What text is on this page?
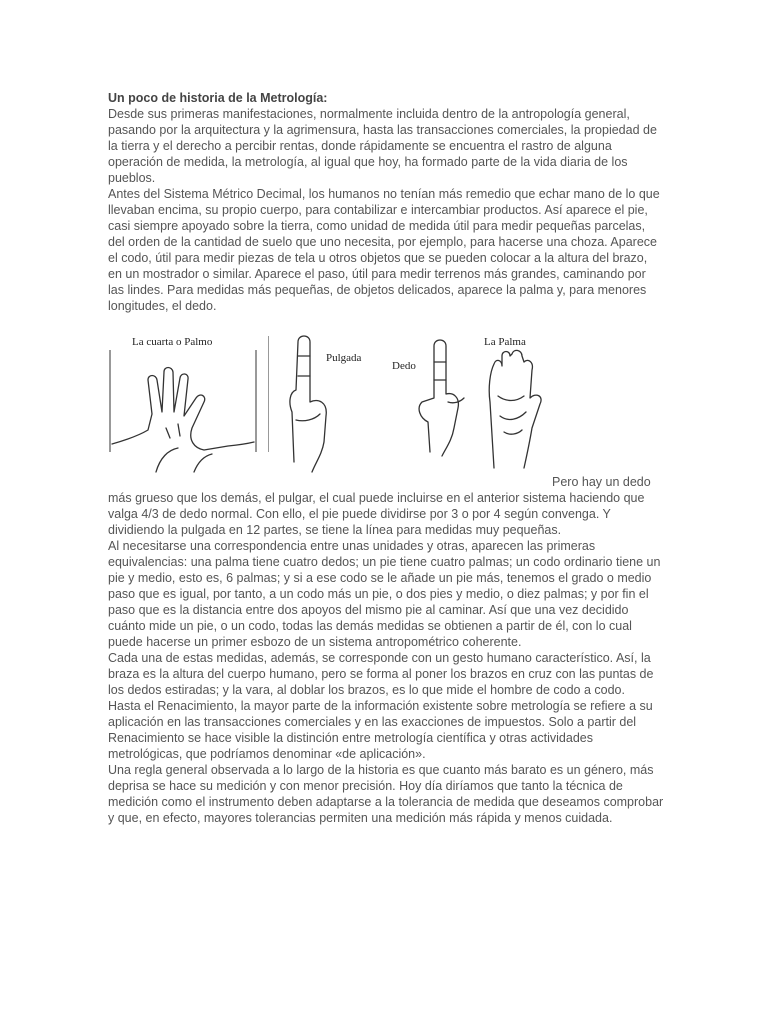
Un poco de historia de la Metrología:

Desde sus primeras manifestaciones, normalmente incluida dentro de la antropología general, pasando por la arquitectura y la agrimensura, hasta las transacciones comerciales, la propiedad de la tierra y el derecho a percibir rentas, donde rápidamente se encuentra el rastro de alguna operación de medida, la metrología, al igual que hoy, ha formado parte de la vida diaria de los pueblos.

Antes del Sistema Métrico Decimal, los humanos no tenían más remedio que echar mano de lo que llevaban encima, su propio cuerpo, para contabilizar e intercambiar productos. Así aparece el pie, casi siempre apoyado sobre la tierra, como unidad de medida útil para medir pequeñas parcelas, del orden de la cantidad de suelo que uno necesita, por ejemplo, para hacerse una choza. Aparece el codo, útil para medir piezas de tela u otros objetos que se pueden colocar a la altura del brazo, en un mostrador o similar. Aparece el paso, útil para medir terrenos más grandes, caminando por las lindes. Para medidas más pequeñas, de objetos delicados, aparece la palma y, para menores longitudes, el dedo.

La cuarta o Palmo
Pulgada
Dedo
La Palma
Pero hay un dedo

más grueso que los demás, el pulgar, el cual puede incluirse en el anterior sistema haciendo que valga 4/3 de dedo normal. Con ello, el pie puede dividirse por 3 o por 4 según convenga. Y dividiendo la pulgada en 12 partes, se tiene la línea para medidas muy pequeñas.

Al necesitarse una correspondencia entre unas unidades y otras, aparecen las primeras equivalencias: una palma tiene cuatro dedos; un pie tiene cuatro palmas; un codo ordinario tiene un pie y medio, esto es, 6 palmas; y si a ese codo se le añade un pie más, tenemos el grado o medio paso que es igual, por tanto, a un codo más un pie, o dos pies y medio, o diez palmas; y por fin el paso que es la distancia entre dos apoyos del mismo pie al caminar. Así que una vez decidido cuánto mide un pie, o un codo, todas las demás medidas se obtienen a partir de él, con lo cual puede hacerse un primer esbozo de un sistema antropométrico coherente.

Cada una de estas medidas, además, se corresponde con un gesto humano característico. Así, la braza es la altura del cuerpo humano, pero se forma al poner los brazos en cruz con las puntas de los dedos estiradas; y la vara, al doblar los brazos, es lo que mide el hombre de codo a codo.

Hasta el Renacimiento, la mayor parte de la información existente sobre metrología se refiere a su aplicación en las transacciones comerciales y en las exacciones de impuestos. Solo a partir del Renacimiento se hace visible la distinción entre metrología científica y otras actividades metrológicas, que podríamos denominar «de aplicación».

Una regla general observada a lo largo de la historia es que cuanto más barato es un género, más deprisa se hace su medición y con menor precisión. Hoy día diríamos que tanto la técnica de medición como el instrumento deben adaptarse a la tolerancia de medida que deseamos comprobar y que, en efecto, mayores tolerancias permiten una medición más rápida y menos cuidada.
